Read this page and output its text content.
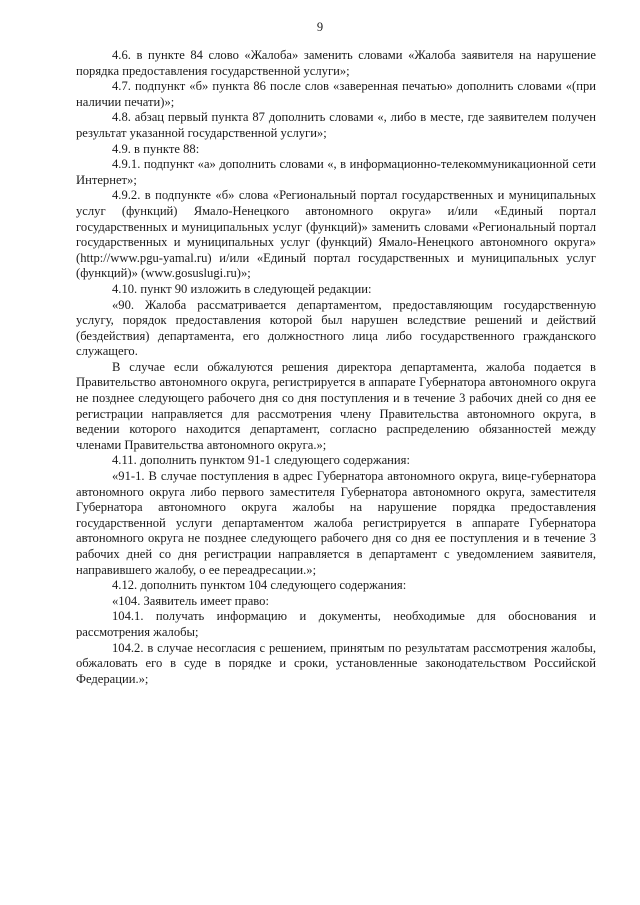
9

4.6. в пункте 84 слово «Жалоба» заменить словами «Жалоба заявителя на нарушение порядка предоставления государственной услуги»;

4.7. подпункт «б» пункта 86 после слов «заверенная печатью» дополнить словами «(при наличии печати)»;

4.8. абзац первый пункта 87 дополнить словами «, либо в месте, где заявителем получен результат указанной государственной услуги»;

4.9. в пункте 88:

4.9.1. подпункт «а» дополнить словами «, в информационно-телекоммуникационной сети Интернет»;

4.9.2. в подпункте «б» слова «Региональный портал государственных и муниципальных услуг (функций) Ямало-Ненецкого автономного округа» и/или «Единый портал государственных и муниципальных услуг (функций)» заменить словами «Региональный портал государственных и муниципальных услуг (функций) Ямало-Ненецкого автономного округа» (http://www.pgu-yamal.ru) и/или «Единый портал государственных и муниципальных услуг (функций)» (www.gosuslugi.ru)»;

4.10. пункт 90 изложить в следующей редакции:

«90. Жалоба рассматривается департаментом, предоставляющим государственную услугу, порядок предоставления которой был нарушен вследствие решений и действий (бездействия) департамента, его должностного лица либо государственного гражданского служащего.

В случае если обжалуются решения директора департамента, жалоба подается в Правительство автономного округа, регистрируется в аппарате Губернатора автономного округа не позднее следующего рабочего дня со дня поступления и в течение 3 рабочих дней со дня ее регистрации направляется для рассмотрения члену Правительства автономного округа, в ведении которого находится департамент, согласно распределению обязанностей между членами Правительства автономного округа.»;

4.11. дополнить пунктом 91-1 следующего содержания:

«91-1. В случае поступления в адрес Губернатора автономного округа, вице-губернатора автономного округа либо первого заместителя Губернатора автономного округа, заместителя Губернатора автономного округа жалобы на нарушение порядка предоставления государственной услуги департаментом жалоба регистрируется в аппарате Губернатора автономного округа не позднее следующего рабочего дня со дня ее поступления и в течение 3 рабочих дней со дня регистрации направляется в департамент с уведомлением заявителя, направившего жалобу, о ее переадресации.»;

4.12. дополнить пунктом 104 следующего содержания:

«104. Заявитель имеет право:

104.1. получать информацию и документы, необходимые для обоснования и рассмотрения жалобы;

104.2. в случае несогласия с решением, принятым по результатам рассмотрения жалобы, обжаловать его в суде в порядке и сроки, установленные законодательством Российской Федерации.»;
